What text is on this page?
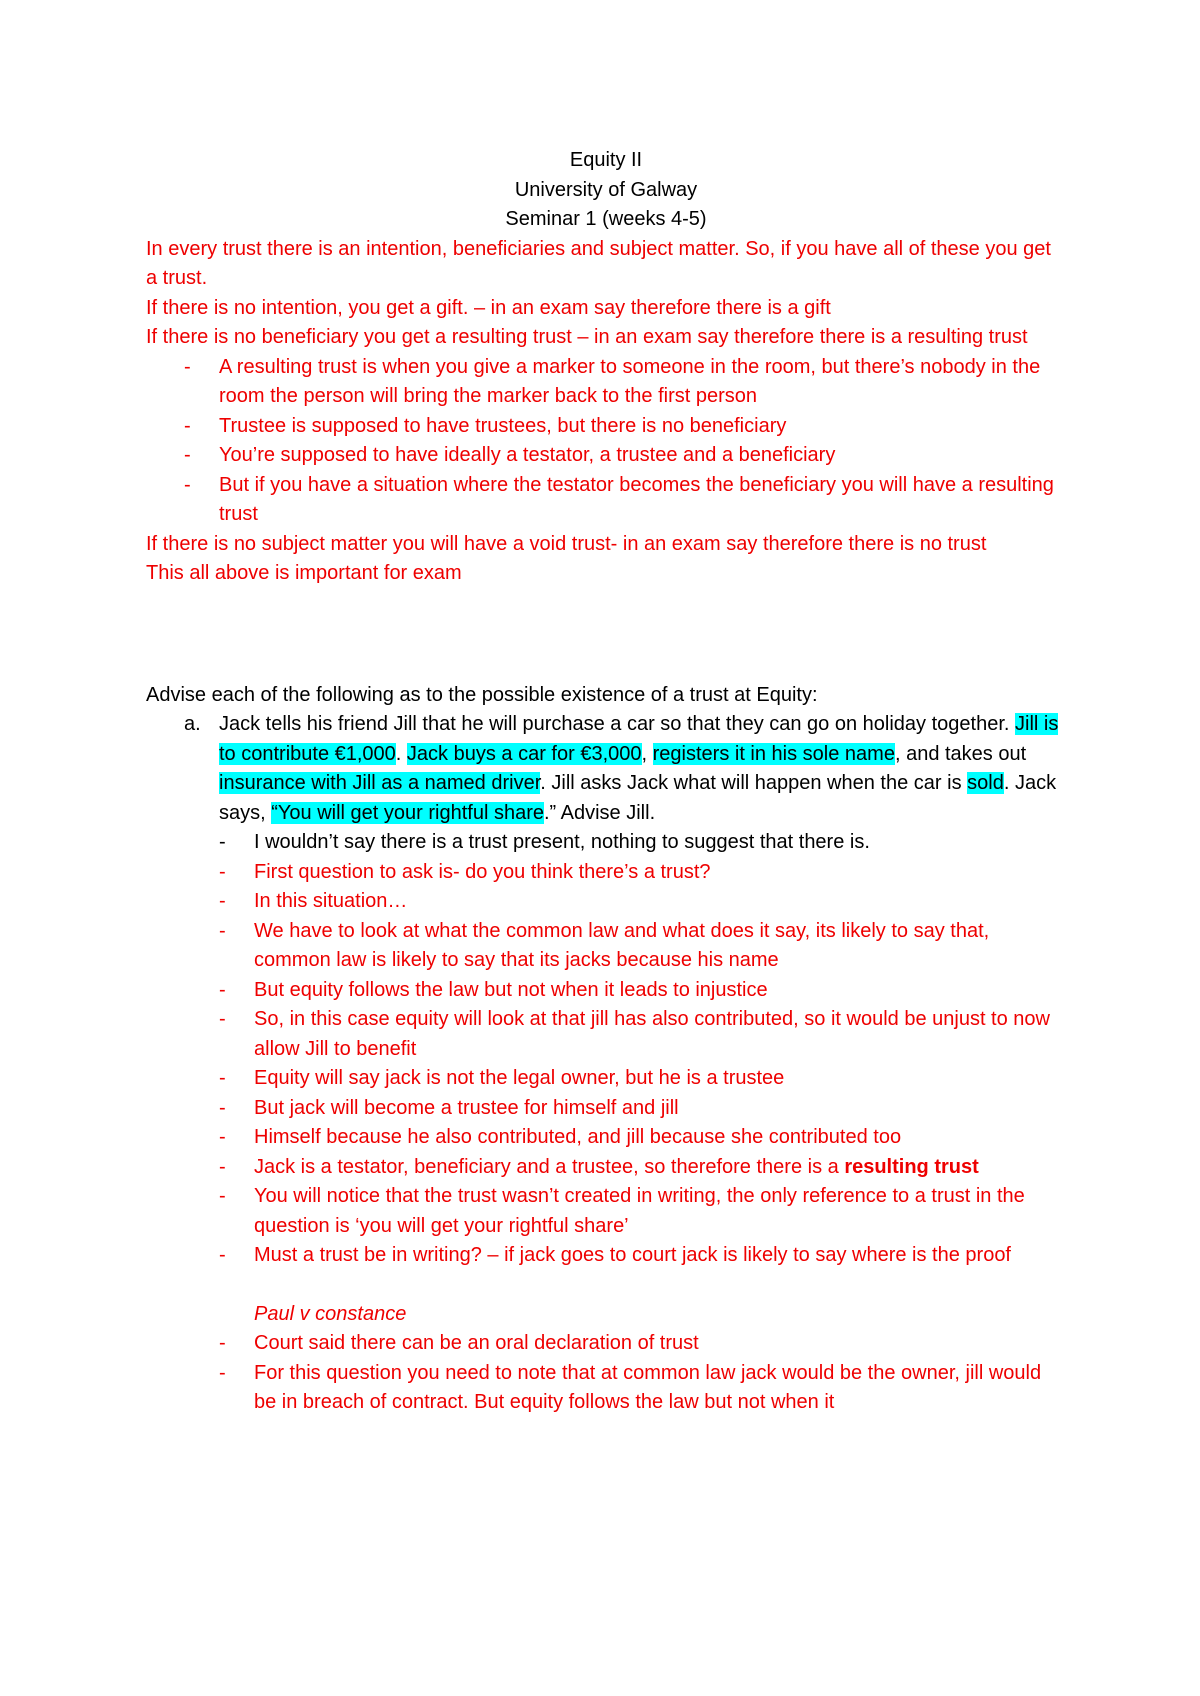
Equity II

University of Galway

Seminar 1 (weeks 4-5)

In every trust there is an intention, beneficiaries and subject matter. So, if you have all of these you get a trust.

If there is no intention, you get a gift. – in an exam say therefore there is a gift

If there is no beneficiary you get a resulting trust – in an exam say therefore there is a resulting trust

- A resulting trust is when you give a marker to someone in the room, but there’s nobody in the room the person will bring the marker back to the first person
- Trustee is supposed to have trustees, but there is no beneficiary
- You’re supposed to have ideally a testator, a trustee and a beneficiary
- But if you have a situation where the testator becomes the beneficiary you will have a resulting trust

If there is no subject matter you will have a void trust- in an exam say therefore there is no trust

This all above is important for exam

Advise each of the following as to the possible existence of a trust at Equity:

a. Jack tells his friend Jill that he will purchase a car so that they can go on holiday together. Jill is to contribute €1,000. Jack buys a car for €3,000, registers it in his sole name, and takes out insurance with Jill as a named driver. Jill asks Jack what will happen when the car is sold. Jack says, “You will get your rightful share.” Advise Jill.
- I wouldn’t say there is a trust present, nothing to suggest that there is.
- First question to ask is- do you think there’s a trust?
- In this situation…
- We have to look at what the common law and what does it say, its likely to say that, common law is likely to say that its jacks because his name
- But equity follows the law but not when it leads to injustice
- So, in this case equity will look at that jill has also contributed, so it would be unjust to now allow Jill to benefit
- Equity will say jack is not the legal owner, but he is a trustee
- But jack will become a trustee for himself and jill
- Himself because he also contributed, and jill because she contributed too
- Jack is a testator, beneficiary and a trustee, so therefore there is a resulting trust
- You will notice that the trust wasn’t created in writing, the only reference to a trust in the question is ‘you will get your rightful share’
- Must a trust be in writing? – if jack goes to court jack is likely to say where is the proof

Paul v constance

- Court said there can be an oral declaration of trust
- For this question you need to note that at common law jack would be the owner, jill would be in breach of contract. But equity follows the law but not when it
